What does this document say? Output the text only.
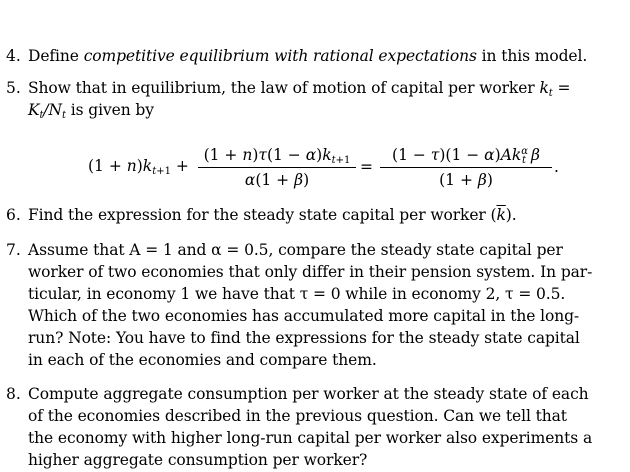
4. Define competitive equilibrium with rational expectations in this model.
5. Show that in equilibrium, the law of motion of capital per worker $k_t$ =
$K_t/N_t$ is given by
$(1 + n)k_{t+1}$ +
$(1 + n)\tau(1 - \alpha)k_{t+1}$
α(1 + β)
=
$(1 - \tau)(1 - \alpha)Ak^\alpha_t$ β
(1 + β)
.
6. Find the expression for the steady state capital per worker $(\overline{k})$.
7. Assume that A = 1 and α = 0.5, compare the steady state capital per
worker of two economies that only differ in their pension system. In par-
ticular, in economy 1 we have that τ = 0 while in economy 2, τ = 0.5.
Which of the two economies has accumulated more capital in the long-
run? Note: You have to find the expressions for the steady state capital
in each of the economies and compare them.
8. Compute aggregate consumption per worker at the steady state of each
of the economies described in the previous question. Can we tell that
the economy with higher long-run capital per worker also experiments a
higher aggregate consumption per worker?
